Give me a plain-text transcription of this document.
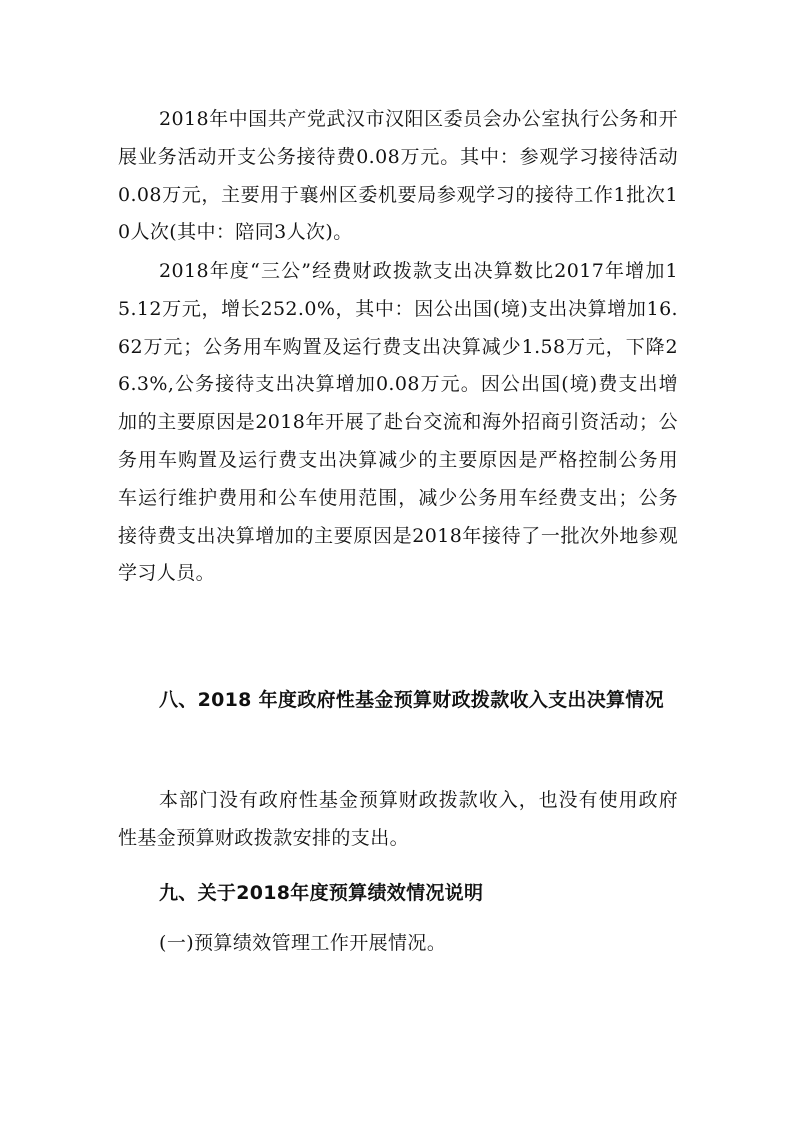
2018年中国共产党武汉市汉阳区委员会办公室执行公务和开展业务活动开支公务接待费0.08万元。其中：参观学习接待活动0.08万元，主要用于襄州区委机要局参观学习的接待工作1批次10人次(其中：陪同3人次)。

2018年度“三公”经费财政拨款支出决算数比2017年增加15.12万元，增长252.0%，其中：因公出国(境)支出决算增加16.62万元；公务用车购置及运行费支出决算减少1.58万元，下降26.3%,公务接待支出决算增加0.08万元。因公出国(境)费支出增加的主要原因是2018年开展了赴台交流和海外招商引资活动；公务用车购置及运行费支出决算减少的主要原因是严格控制公务用车运行维护费用和公车使用范围，减少公务用车经费支出；公务接待费支出决算增加的主要原因是2018年接待了一批次外地参观学习人员。

八、2018 年度政府性基金预算财政拨款收入支出决算情况

本部门没有政府性基金预算财政拨款收入，也没有使用政府性基金预算财政拨款安排的支出。

九、关于2018年度预算绩效情况说明

(一)预算绩效管理工作开展情况。
